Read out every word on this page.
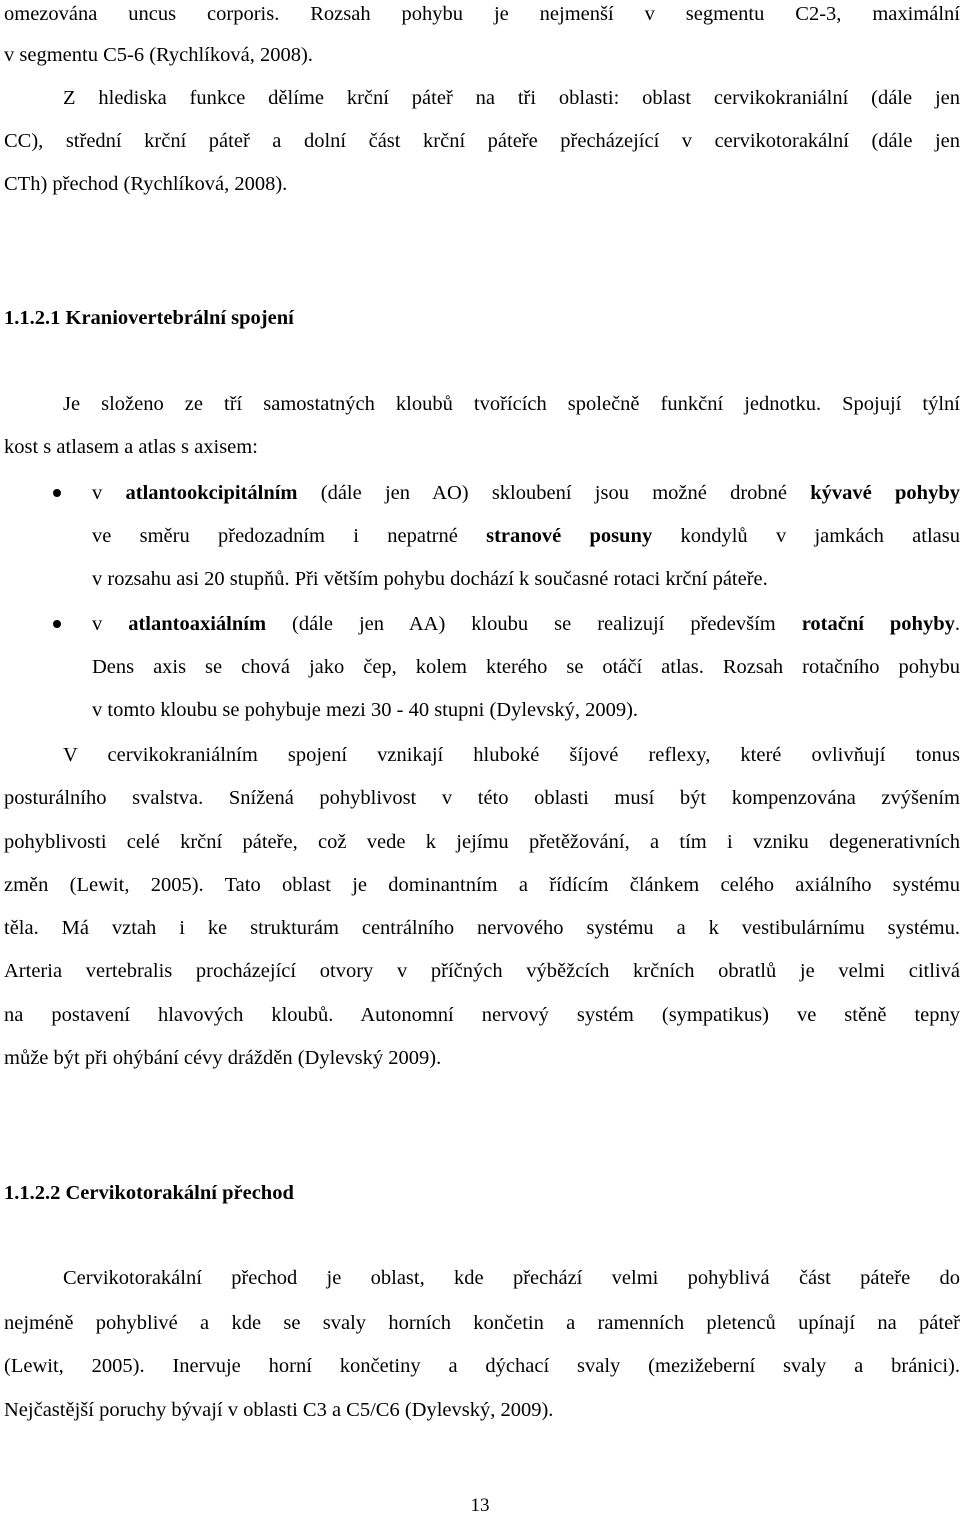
omezována uncus corporis. Rozsah pohybu je nejmenší v segmentu C2-3, maximální
v segmentu C5-6 (Rychlíková, 2008).
Z hlediska funkce dělíme krční páteř na tři oblasti: oblast cervikokraniální (dále jen
CC), střední krční páteř a dolní část krční páteře přecházející v cervikotorakální (dále jen
CTh) přechod (Rychlíková, 2008).
1.1.2.1 Kraniovertebrální spojení
Je složeno ze tří samostatných kloubů tvořících společně funkční jednotku. Spojují týlní
kost s atlasem a atlas s axisem:
v atlantookcipitálním (dále jen AO) skloubení jsou možné drobné kývavé pohyby
ve směru předozadním i nepatrné stranové posuny kondylů v jamkách atlasu
v rozsahu asi 20 stupňů. Při větším pohybu dochází k současné rotaci krční páteře.
v atlantoaxiálním (dále jen AA) kloubu se realizují především rotační pohyby.
Dens axis se chová jako čep, kolem kterého se otáčí atlas. Rozsah rotačního pohybu
v tomto kloubu se pohybuje mezi 30 - 40 stupni (Dylevský, 2009).
V cervikokraniálním spojení vznikají hluboké šíjové reflexy, které ovlivňují tonus
posturálního svalstva. Snížená pohyblivost v této oblasti musí být kompenzována zvýšením
pohyblivosti celé krční páteře, což vede k jejímu přetěžování, a tím i vzniku degenerativních
změn (Lewit, 2005). Tato oblast je dominantním a řídícím článkem celého axiálního systému
těla. Má vztah i ke strukturám centrálního nervového systému a k vestibulárnímu systému.
Arteria vertebralis procházející otvory v příčných výběžcích krčních obratlů je velmi citlivá
na postavení hlavových kloubů. Autonomní nervový systém (sympatikus) ve stěně tepny
může být při ohýbání cévy drážděn (Dylevský 2009).
1.1.2.2 Cervikotorakální přechod
Cervikotorakální přechod je oblast, kde přechází velmi pohyblivá část páteře do
nejméně pohyblivé a kde se svaly horních končetin a ramenních pletenců upínají na páteř
(Lewit, 2005). Inervuje horní končetiny a dýchací svaly (mezižeberní svaly a bránici).
Nejčastější poruchy bývají v oblasti C3 a C5/C6 (Dylevský, 2009).
13
